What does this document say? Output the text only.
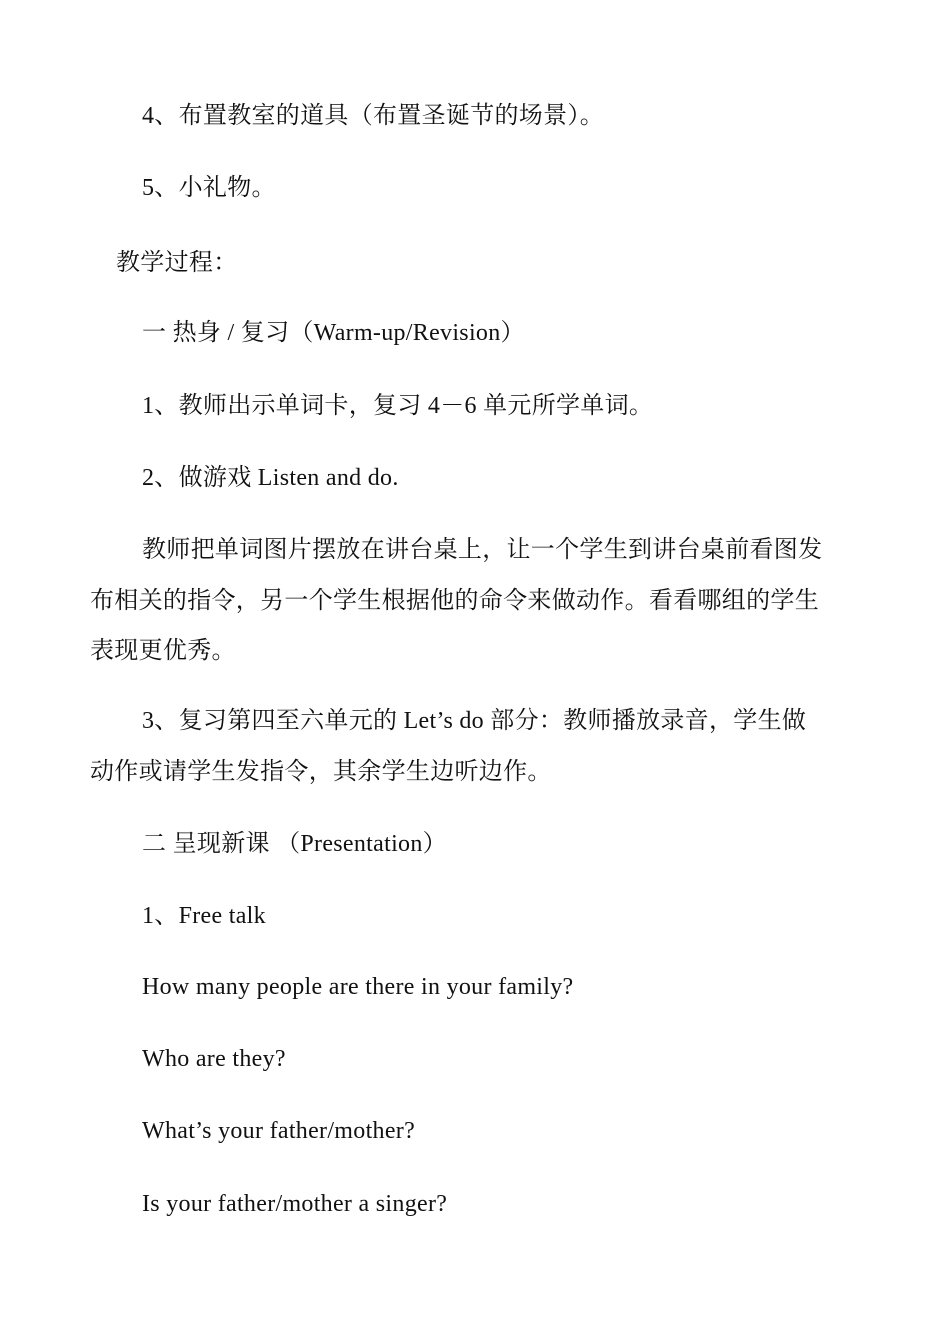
4、布置教室的道具（布置圣诞节的场景）。
5、小礼物。
教学过程：
一 热身 / 复习（Warm-up/Revision）
1、教师出示单词卡，复习 4－6 单元所学单词。
2、做游戏 Listen and do.
教师把单词图片摆放在讲台桌上，让一个学生到讲台桌前看图发
布相关的指令，另一个学生根据他的命令来做动作。看看哪组的学生
表现更优秀。
3、复习第四至六单元的 Let’s do 部分：教师播放录音，学生做
动作或请学生发指令，其余学生边听边作。
二 呈现新课 （Presentation）
1、Free talk
How many people are there in your family?
Who are they?
What’s your father/mother?
Is your father/mother a singer?
